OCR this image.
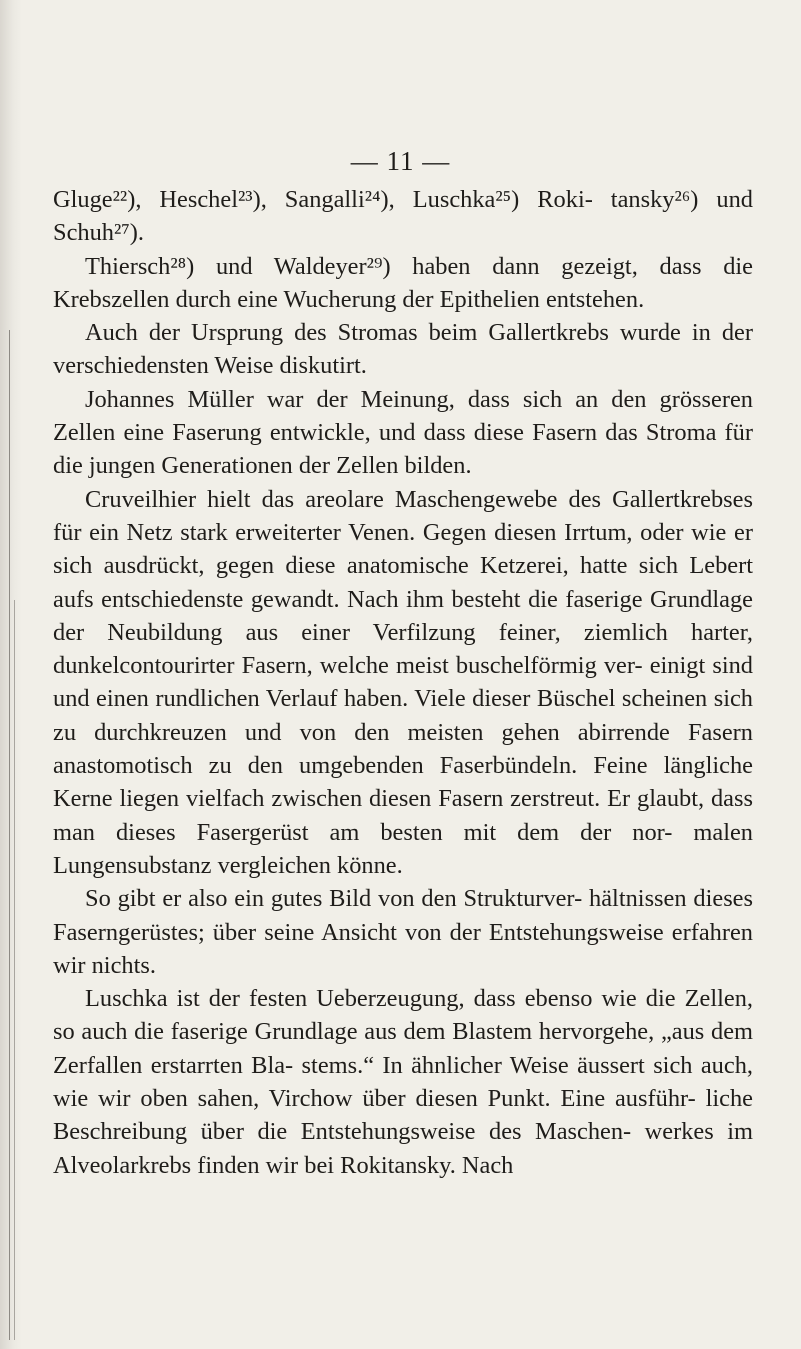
— 11 —

Gluge²²), Heschel²³), Sangalli²⁴), Luschka²⁵) Roki- tansky²⁶) und Schuh²⁷).

Thiersch²⁸) und Waldeyer²⁹) haben dann gezeigt, dass die Krebszellen durch eine Wucherung der Epithelien entstehen.

Auch der Ursprung des Stromas beim Gallertkrebs wurde in der verschiedensten Weise diskutirt.

Johannes Müller war der Meinung, dass sich an den grösseren Zellen eine Faserung entwickle, und dass diese Fasern das Stroma für die jungen Generationen der Zellen bilden.

Cruveilhier hielt das areolare Maschengewebe des Gallertkrebses für ein Netz stark erweiterter Venen. Gegen diesen Irrtum, oder wie er sich ausdrückt, gegen diese anatomische Ketzerei, hatte sich Lebert aufs entschiedenste gewandt. Nach ihm besteht die faserige Grundlage der Neubildung aus einer Verfilzung feiner, ziemlich harter, dunkelcontourirter Fasern, welche meist buschelförmig ver- einigt sind und einen rundlichen Verlauf haben. Viele dieser Büschel scheinen sich zu durchkreuzen und von den meisten gehen abirrende Fasern anastomotisch zu den umgebenden Faserbündeln. Feine längliche Kerne liegen vielfach zwischen diesen Fasern zerstreut. Er glaubt, dass man dieses Fasergerüst am besten mit dem der nor- malen Lungensubstanz vergleichen könne.

So gibt er also ein gutes Bild von den Strukturver- hältnissen dieses Faserngerüstes; über seine Ansicht von der Entstehungsweise erfahren wir nichts.

Luschka ist der festen Ueberzeugung, dass ebenso wie die Zellen, so auch die faserige Grundlage aus dem Blastem hervorgehe, „aus dem Zerfallen erstarrten Bla- stems.“ In ähnlicher Weise äussert sich auch, wie wir oben sahen, Virchow über diesen Punkt. Eine ausführ- liche Beschreibung über die Entstehungsweise des Maschen- werkes im Alveolarkrebs finden wir bei Rokitansky. Nach
